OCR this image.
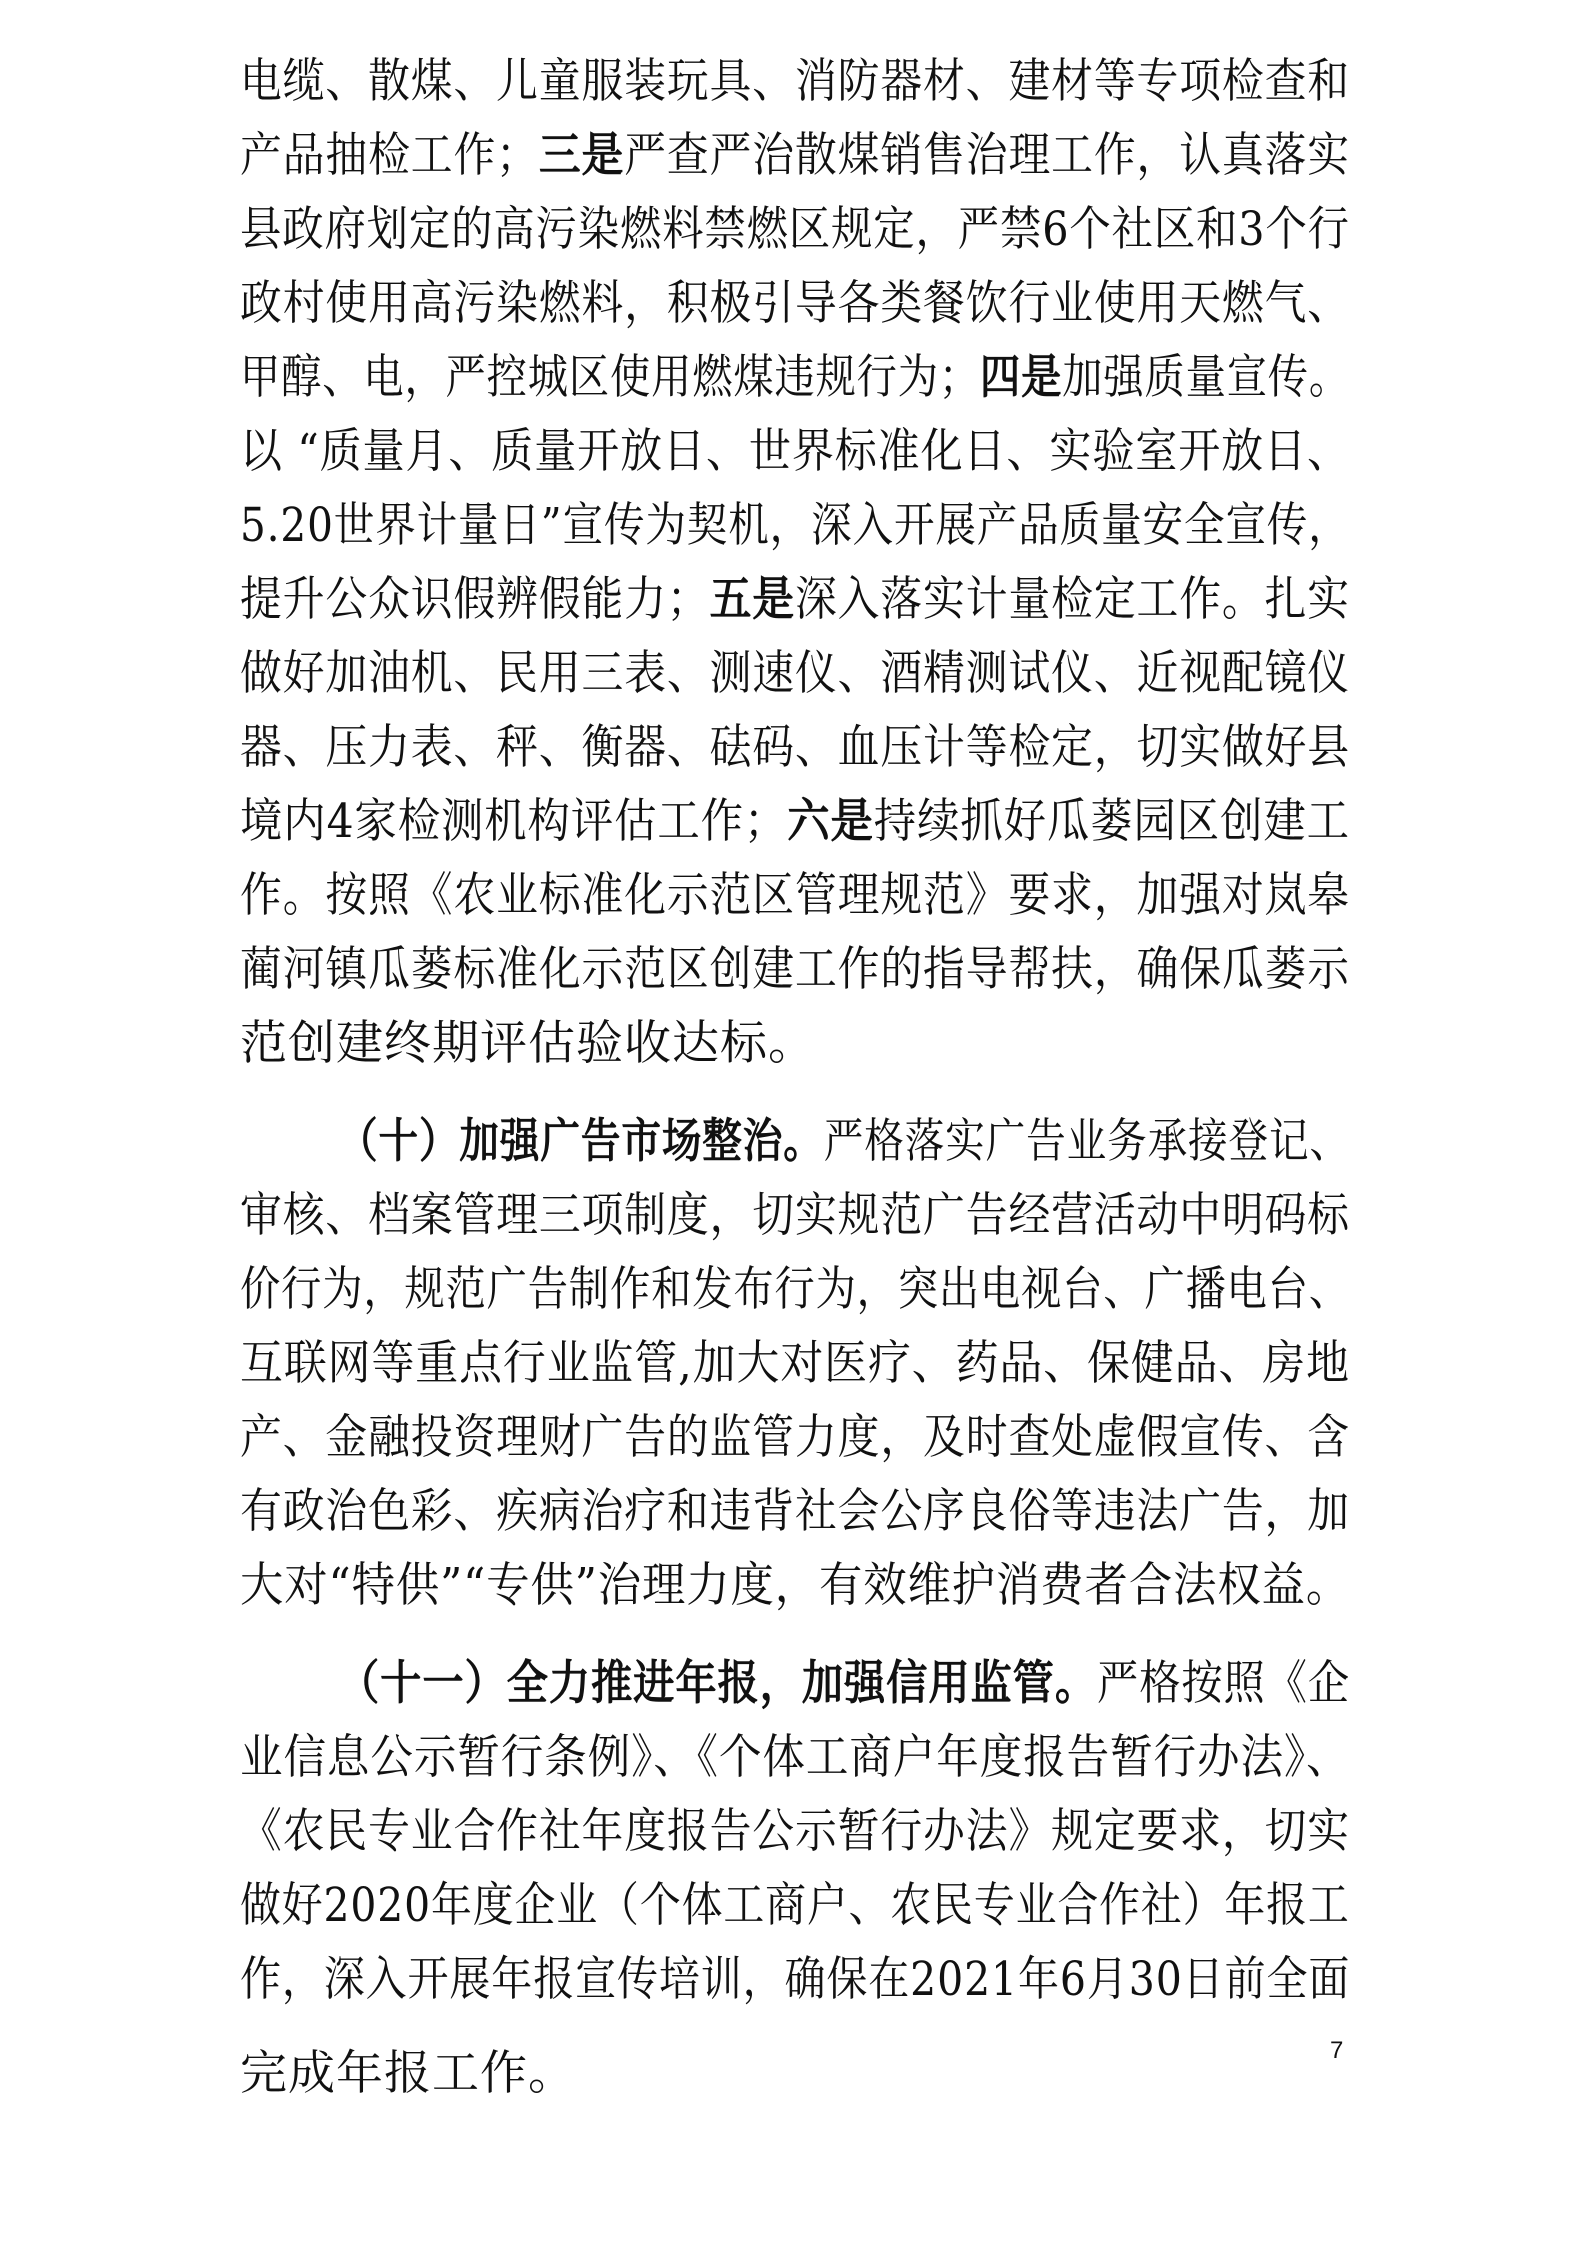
电缆、散煤、儿童服装玩具、消防器材、建材等专项检查和
产品抽检工作；三是严查严治散煤销售治理工作，认真落实
县政府划定的高污染燃料禁燃区规定，严禁6个社区和3个行
政村使用高污染燃料，积极引导各类餐饮行业使用天燃气、
甲醇、电，严控城区使用燃煤违规行为；四是加强质量宣传。
以 “质量月、质量开放日、世界标准化日、实验室开放日、
5.20世界计量日”宣传为契机，深入开展产品质量安全宣传，
提升公众识假辨假能力；五是深入落实计量检定工作。扎实
做好加油机、民用三表、测速仪、酒精测试仪、近视配镜仪
器、压力表、秤、衡器、砝码、血压计等检定，切实做好县
境内4家检测机构评估工作；六是持续抓好瓜蒌园区创建工
作。按照《农业标准化示范区管理规范》要求，加强对岚皋
蔺河镇瓜蒌标准化示范区创建工作的指导帮扶，确保瓜蒌示
范创建终期评估验收达标。
（十）加强广告市场整治。严格落实广告业务承接登记、
审核、档案管理三项制度，切实规范广告经营活动中明码标
价行为，规范广告制作和发布行为，突出电视台、广播电台、
互联网等重点行业监管,加大对医疗、药品、保健品、房地
产、金融投资理财广告的监管力度，及时查处虚假宣传、含
有政治色彩、疾病治疗和违背社会公序良俗等违法广告，加
大对“特供”“专供”治理力度，有效维护消费者合法权益。
（十一）全力推进年报，加强信用监管。严格按照《企
业信息公示暂行条例》、《个体工商户年度报告暂行办法》、
《农民专业合作社年度报告公示暂行办法》规定要求，切实
做好2020年度企业（个体工商户、农民专业合作社）年报工
作，深入开展年报宣传培训，确保在2021年6月30日前全面
完成年报工作。	7
